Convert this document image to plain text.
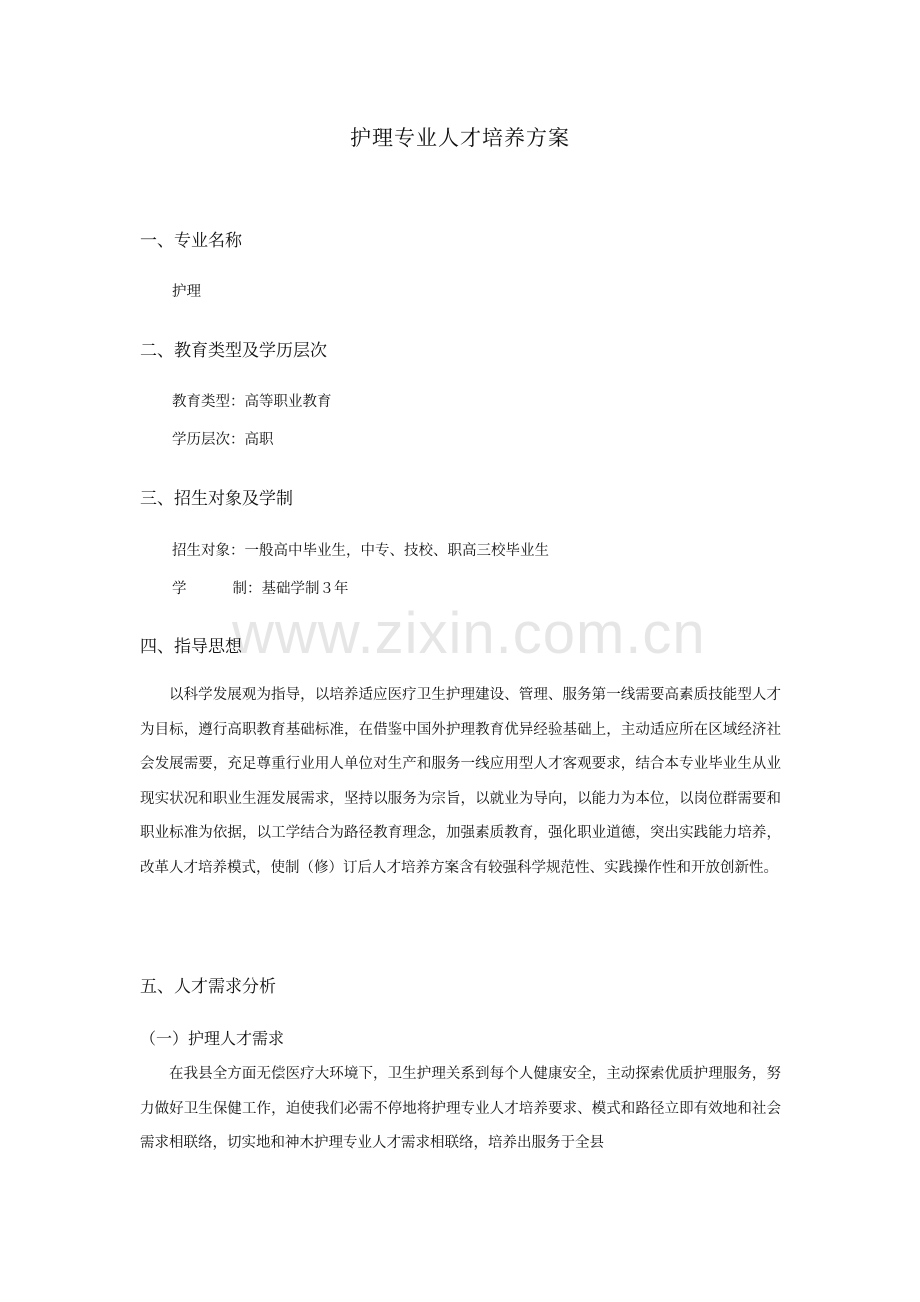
www.zixin.com.cn
护理专业人才培养方案
一、专业名称
护理
二、教育类型及学历层次
教育类型：高等职业教育
学历层次：高职
三、招生对象及学制
招生对象：一般高中毕业生，中专、技校、职高三校毕业生
学	制：基础学制３年
四、指导思想
以科学发展观为指导，以培养适应医疗卫生护理建设、管理、服务第一线需要高素质技能型人才为目标，遵行高职教育基础标准，在借鉴中国外护理教育优异经验基础上，主动适应所在区域经济社会发展需要，充足尊重行业用人单位对生产和服务一线应用型人才客观要求，结合本专业毕业生从业现实状况和职业生涯发展需求，坚持以服务为宗旨，以就业为导向，以能力为本位，以岗位群需要和职业标准为依据，以工学结合为路径教育理念，加强素质教育，强化职业道德，突出实践能力培养，改革人才培养模式，使制（修）订后人才培养方案含有较强科学规范性、实践操作性和开放创新性。
五、人才需求分析
（一）护理人才需求
在我县全方面无偿医疗大环境下，卫生护理关系到每个人健康安全，主动探索优质护理服务，努力做好卫生保健工作，迫使我们必需不停地将护理专业人才培养要求、模式和路径立即有效地和社会需求相联络，切实地和神木护理专业人才需求相联络，培养出服务于全县
